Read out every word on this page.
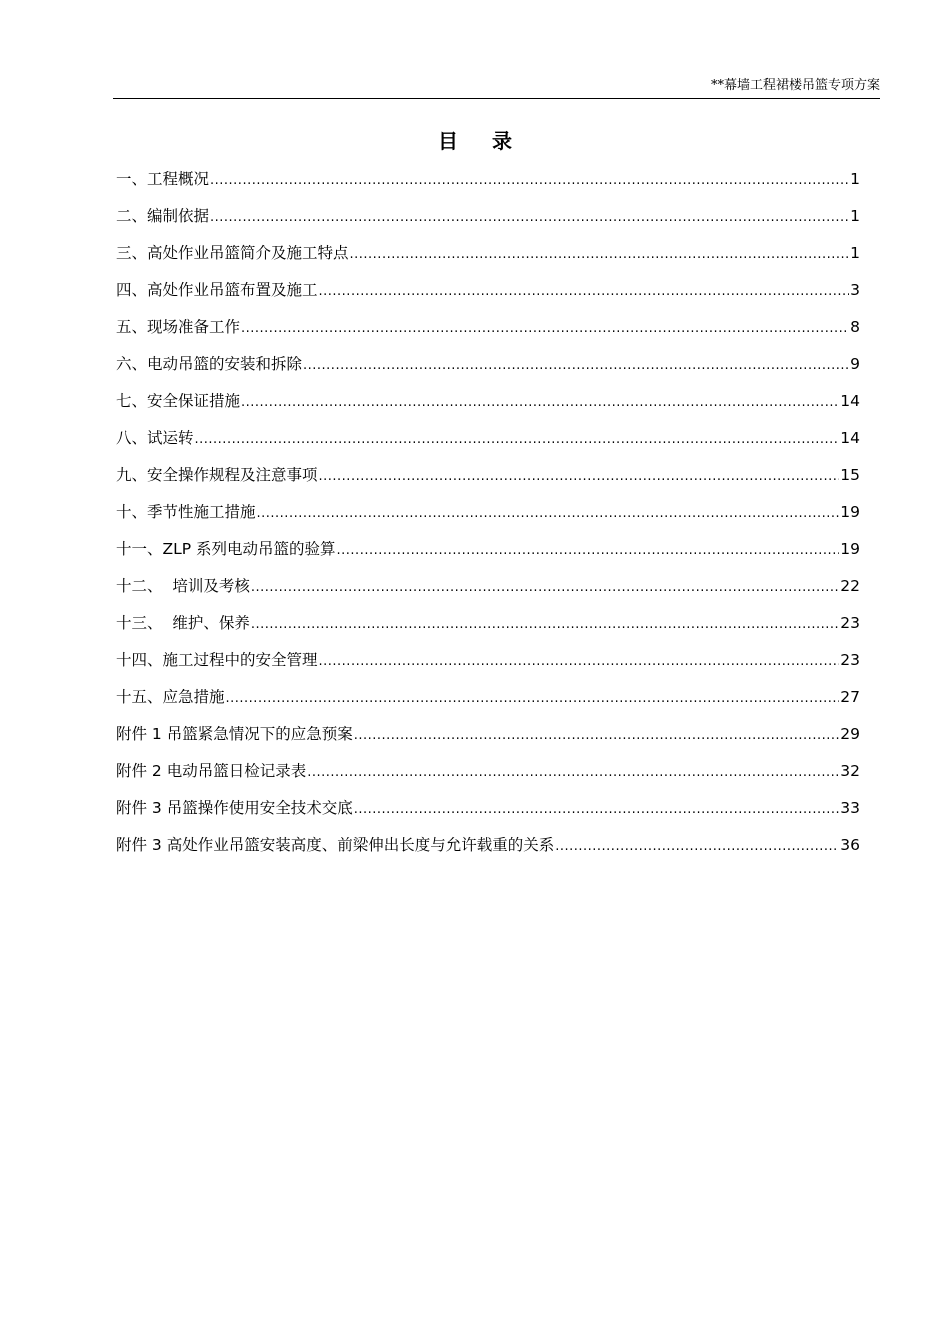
**幕墙工程裙楼吊篮专项方案
目录
一、工程概况 .....	1
二、编制依据 .....	1
三、高处作业吊篮简介及施工特点 .....	1
四、高处作业吊篮布置及施工 .....	3
五、现场准备工作 .....	8
六、电动吊篮的安装和拆除 .....	9
七、安全保证措施 .....	14
八、试运转 .....	14
九、安全操作规程及注意事项 .....	15
十、季节性施工措施 .....	19
十一、ZLP 系列电动吊篮的验算 .....	19
十二、  培训及考核 .....	22
十三、  维护、保养 .....	23
十四、施工过程中的安全管理 .....	23
十五、应急措施 .....	27
附件 1 吊篮紧急情况下的应急预案 .....	29
附件 2 电动吊篮日检记录表 .....	32
附件 3 吊篮操作使用安全技术交底 .....	33
附件 3 高处作业吊篮安装高度、前梁伸出长度与允许载重的关系 .....	36
